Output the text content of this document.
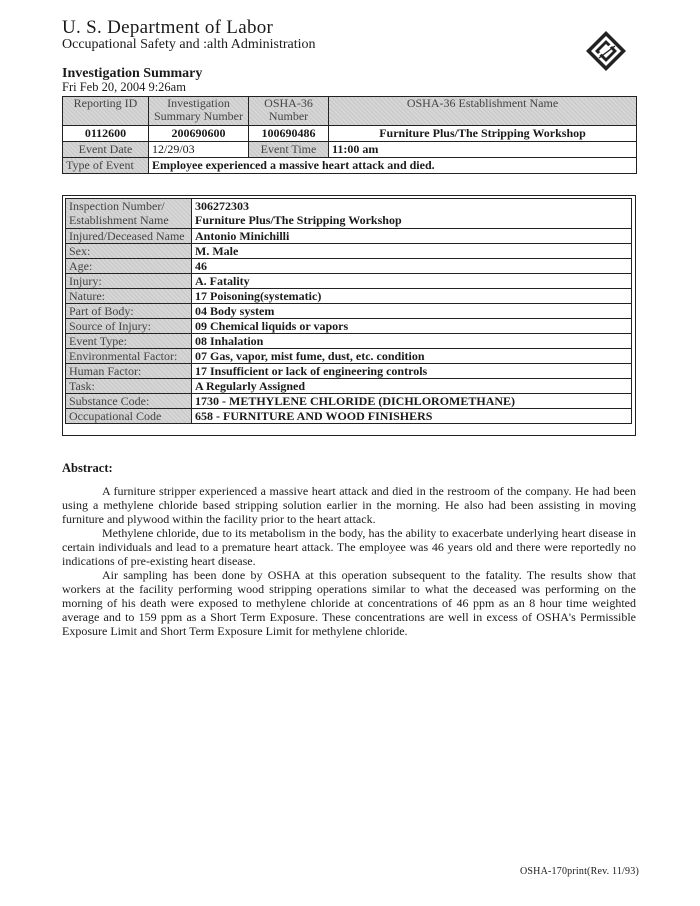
U. S. Department of Labor
Occupational Safety and :alth Administration
Investigation Summary
Fri Feb 20, 2004 9:26am
Reporting ID	Investigation Summary Number	OSHA-36 Number	OSHA-36 Establishment Name
0112600	200690600	100690486	Furniture Plus/The Stripping Workshop
Event Date	12/29/03	Event Time	11:00 am
Type of Event	Employee experienced a massive heart attack and died.		
Inspection Number/ Establishment Name	306272303
Furniture Plus/The Stripping Workshop

Injured/Deceased Name	Antonio Minichilli
Sex:	M. Male
Age:	46
Injury:	A. Fatality
Nature:	17 Poisoning(systematic)
Part of Body:	04 Body system
Source of Injury:	09 Chemical liquids or vapors
Event Type:	08 Inhalation
Environmental Factor:	07 Gas, vapor, mist fume, dust, etc. condition
Human Factor:	17 Insufficient or lack of engineering controls
Task:	A Regularly Assigned
Substance Code:	1730 - METHYLENE CHLORIDE (DICHLOROMETHANE)
Occupational Code	658 - FURNITURE AND WOOD FINISHERS
Abstract:

A furniture stripper experienced a massive heart attack and died in the restroom of the company. He had been using a methylene chloride based stripping solution earlier in the morning. He also had been assisting in moving furniture and plywood within the facility prior to the heart attack.

Methylene chloride, due to its metabolism in the body, has the ability to exacerbate underlying heart disease in certain individuals and lead to a premature heart attack. The employee was 46 years old and there were reportedly no indications of pre-existing heart disease.

Air sampling has been done by OSHA at this operation subsequent to the fatality. The results show that workers at the facility performing wood stripping operations similar to what the deceased was performing on the morning of his death were exposed to methylene chloride at concentrations of 46 ppm as an 8 hour time weighted average and to 159 ppm as a Short Term Exposure. These concentrations are well in excess of OSHA's Permissible Exposure Limit and Short Term Exposure Limit for methylene chloride.

OSHA-170print(Rev. 11/93)
